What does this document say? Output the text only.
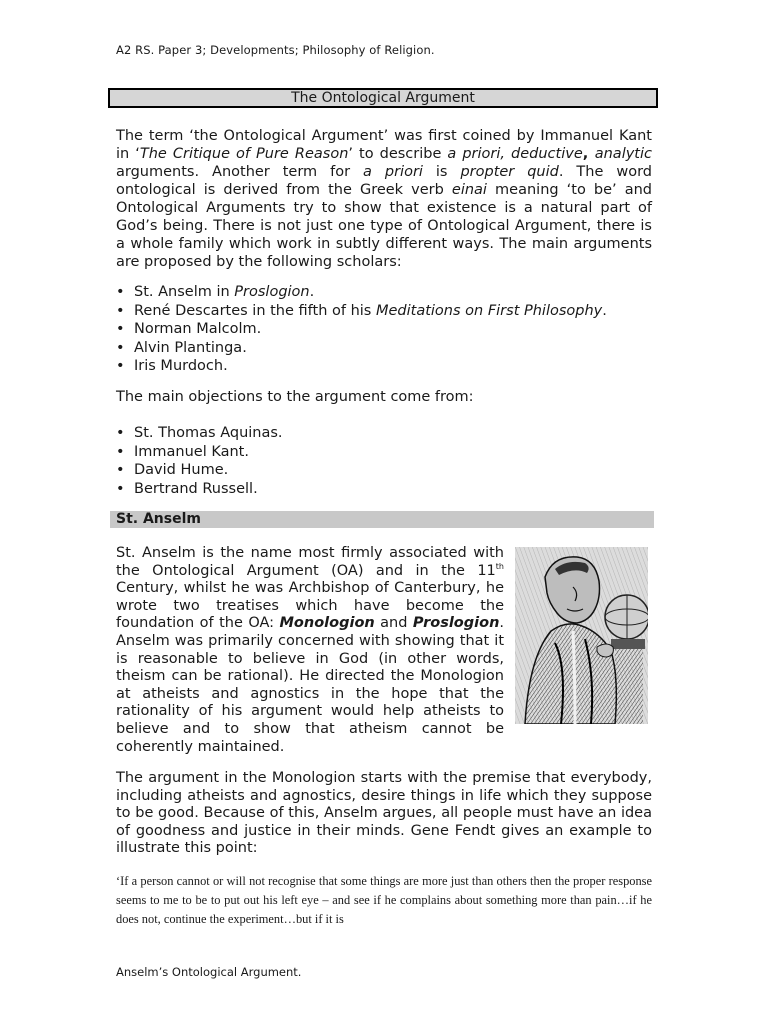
A2 RS. Paper 3; Developments; Philosophy of Religion.
The Ontological Argument

The term ‘the Ontological Argument’ was first coined by Immanuel Kant in ‘The Critique of Pure Reason’ to describe a priori, deductive, analytic arguments. Another term for a priori is propter quid. The word ontological is derived from the Greek verb einai meaning ‘to be’ and Ontological Arguments try to show that existence is a natural part of God’s being. There is not just one type of Ontological Argument, there is a whole family which work in subtly different ways. The main arguments are proposed by the following scholars:

• St. Anselm in Proslogion.
• René Descartes in the fifth of his Meditations on First Philosophy.
• Norman Malcolm.
• Alvin Plantinga.
• Iris Murdoch.
The main objections to the argument come from:
• St. Thomas Aquinas.
• Immanuel Kant.
• David Hume.
• Bertrand Russell.
St. Anselm

St. Anselm is the name most firmly associated with the Ontological Argument (OA) and in the 11th Century, whilst he was Archbishop of Canterbury, he wrote two treatises which have become the foundation of the OA: Monologion and Proslogion. Anselm was primarily concerned with showing that it is reasonable to believe in God (in other words, theism can be rational). He directed the Monologion at atheists and agnostics in the hope that the rationality of his argument would help atheists to believe and to show that atheism cannot be coherently maintained.

The argument in the Monologion starts with the premise that everybody, including atheists and agnostics, desire things in life which they suppose to be good. Because of this, Anselm argues, all people must have an idea of goodness and justice in their minds. Gene Fendt gives an example to illustrate this point:

‘If a person cannot or will not recognise that some things are more just than others then the proper response seems to me to be to put out his left eye – and see if he complains about something more than pain…if he does not, continue the experiment…but if it is

Anselm’s Ontological Argument.
